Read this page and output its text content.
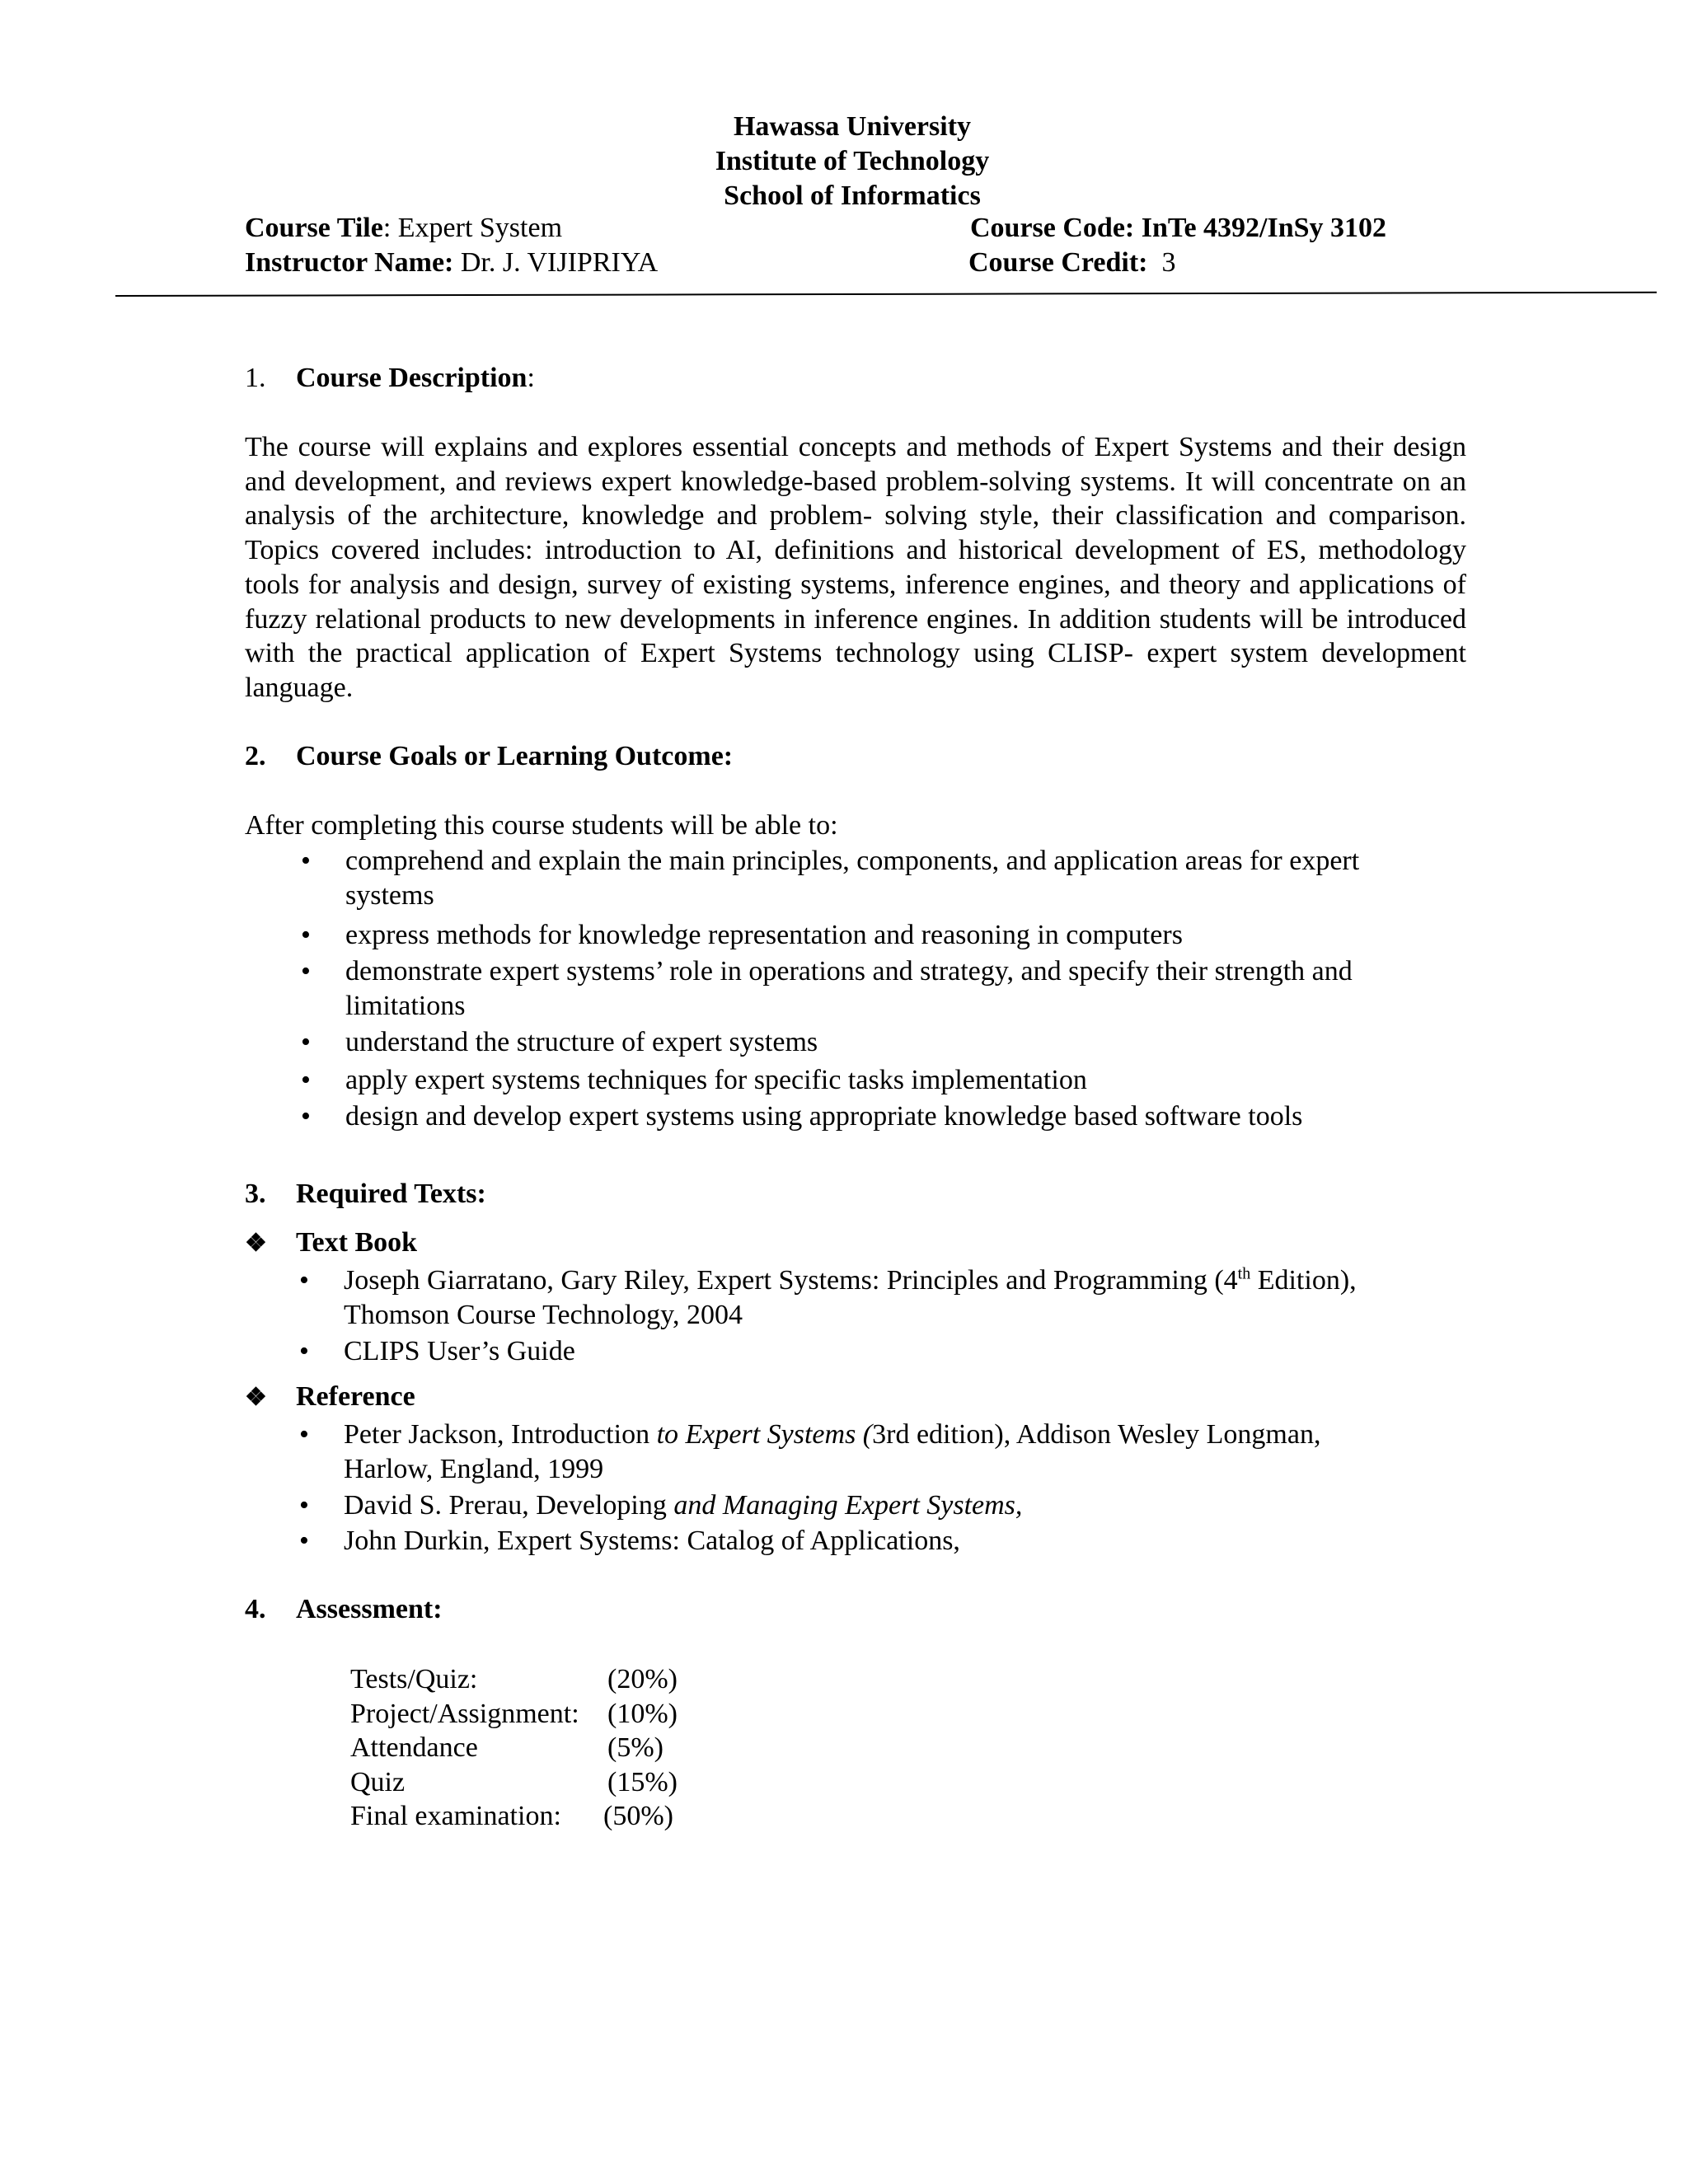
Hawassa University
Institute of Technology
School of Informatics
Course Tile: Expert System	Course Code: InTe 4392/InSy 3102
Instructor Name: Dr. J. VIJIPRIYA	Course Credit: 3
1. Course Description:
The course will explains and explores essential concepts and methods of Expert Systems and their design and development, and reviews expert knowledge-based problem-solving systems. It will concentrate on an analysis of the architecture, knowledge and problem- solving style, their classification and comparison. Topics covered includes: introduction to AI, definitions and historical development of ES, methodology tools for analysis and design, survey of existing systems, inference engines, and theory and applications of fuzzy relational products to new developments in inference engines. In addition students will be introduced with the practical application of Expert Systems technology using CLISP- expert system development language.
2. Course Goals or Learning Outcome:
After completing this course students will be able to:
• comprehend and explain the main principles, components, and application areas for expert systems
• express methods for knowledge representation and reasoning in computers
• demonstrate expert systems’ role in operations and strategy, and specify their strength and limitations
• understand the structure of expert systems
• apply expert systems techniques for specific tasks implementation
• design and develop expert systems using appropriate knowledge based software tools
3. Required Texts:
❖ Text Book
• Joseph Giarratano, Gary Riley, Expert Systems: Principles and Programming (4th Edition),
Thomson Course Technology, 2004
• CLIPS User’s Guide
❖ Reference
• Peter Jackson, Introduction to Expert Systems (3rd edition), Addison Wesley Longman,
Harlow, England, 1999
• David S. Prerau, Developing and Managing Expert Systems,
• John Durkin, Expert Systems: Catalog of Applications,
4. Assessment:
Tests/Quiz:	(20%)
Project/Assignment:	(10%)
Attendance	(5%)
Quiz	(15%)
Final examination:	(50%)
